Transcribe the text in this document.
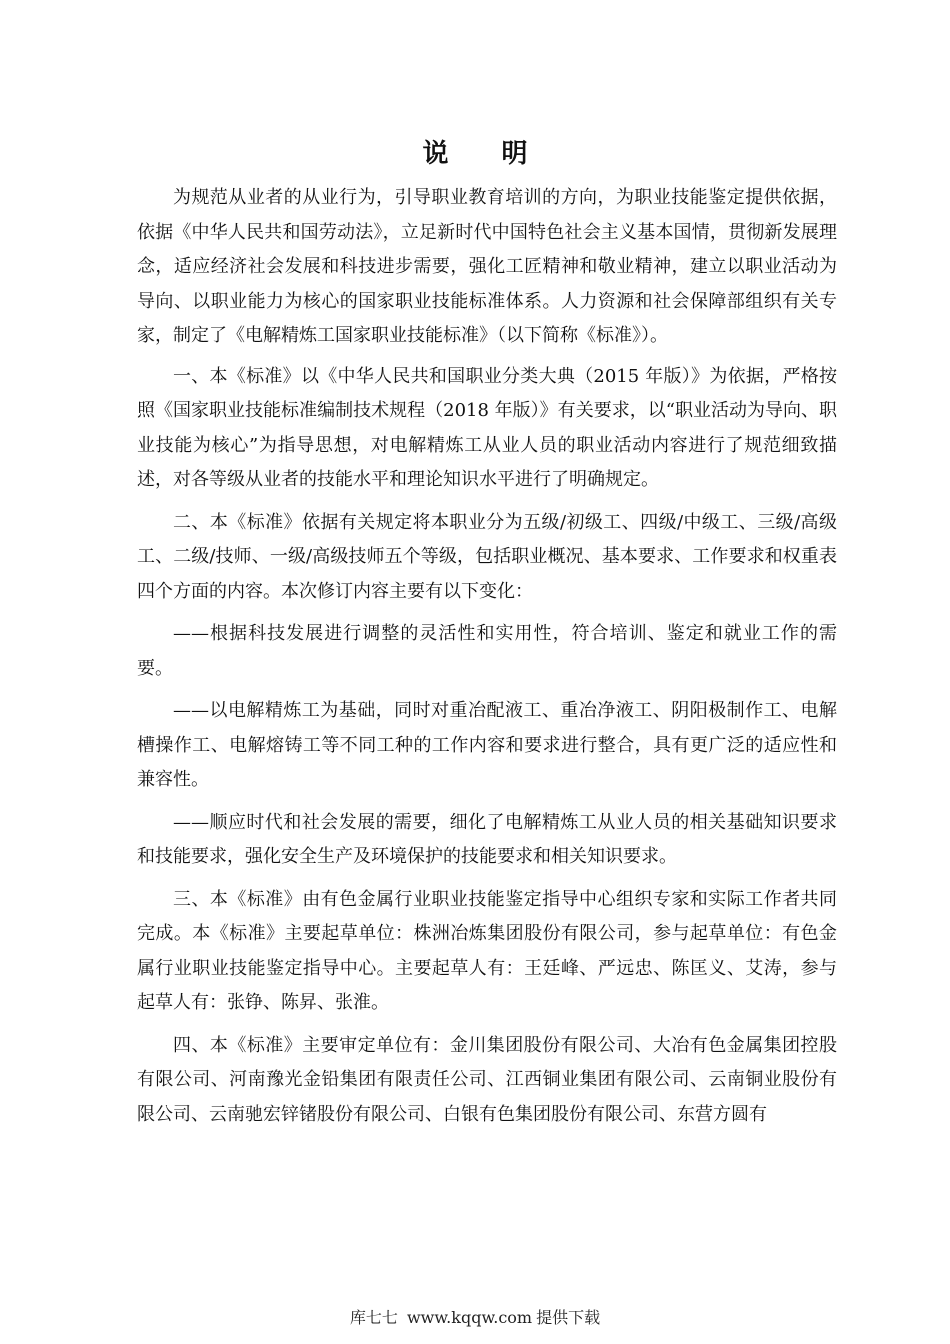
说 明

为规范从业者的从业行为，引导职业教育培训的方向，为职业技能鉴定提供依据，依据《中华人民共和国劳动法》，立足新时代中国特色社会主义基本国情，贯彻新发展理念，适应经济社会发展和科技进步需要，强化工匠精神和敬业精神，建立以职业活动为导向、以职业能力为核心的国家职业技能标准体系。人力资源和社会保障部组织有关专家，制定了《电解精炼工国家职业技能标准》（以下简称《标准》）。

一、本《标准》以《中华人民共和国职业分类大典（2015 年版）》为依据，严格按照《国家职业技能标准编制技术规程（2018 年版）》有关要求，以“职业活动为导向、职业技能为核心”为指导思想，对电解精炼工从业人员的职业活动内容进行了规范细致描述，对各等级从业者的技能水平和理论知识水平进行了明确规定。

二、本《标准》依据有关规定将本职业分为五级/初级工、四级/中级工、三级/高级工、二级/技师、一级/高级技师五个等级，包括职业概况、基本要求、工作要求和权重表四个方面的内容。本次修订内容主要有以下变化：

——根据科技发展进行调整的灵活性和实用性，符合培训、鉴定和就业工作的需要。

——以电解精炼工为基础，同时对重冶配液工、重冶净液工、阴阳极制作工、电解槽操作工、电解熔铸工等不同工种的工作内容和要求进行整合，具有更广泛的适应性和兼容性。

——顺应时代和社会发展的需要，细化了电解精炼工从业人员的相关基础知识要求和技能要求，强化安全生产及环境保护的技能要求和相关知识要求。

三、本《标准》由有色金属行业职业技能鉴定指导中心组织专家和实际工作者共同完成。本《标准》主要起草单位：株洲冶炼集团股份有限公司，参与起草单位：有色金属行业职业技能鉴定指导中心。主要起草人有：王廷峰、严远忠、陈匡义、艾涛，参与起草人有：张铮、陈昇、张淮。

四、本《标准》主要审定单位有：金川集团股份有限公司、大冶有色金属集团控股有限公司、河南豫光金铅集团有限责任公司、江西铜业集团有限公司、云南铜业股份有限公司、云南驰宏锌锗股份有限公司、白银有色集团股份有限公司、东营方圆有

库七七 www.kqqw.com 提供下载
